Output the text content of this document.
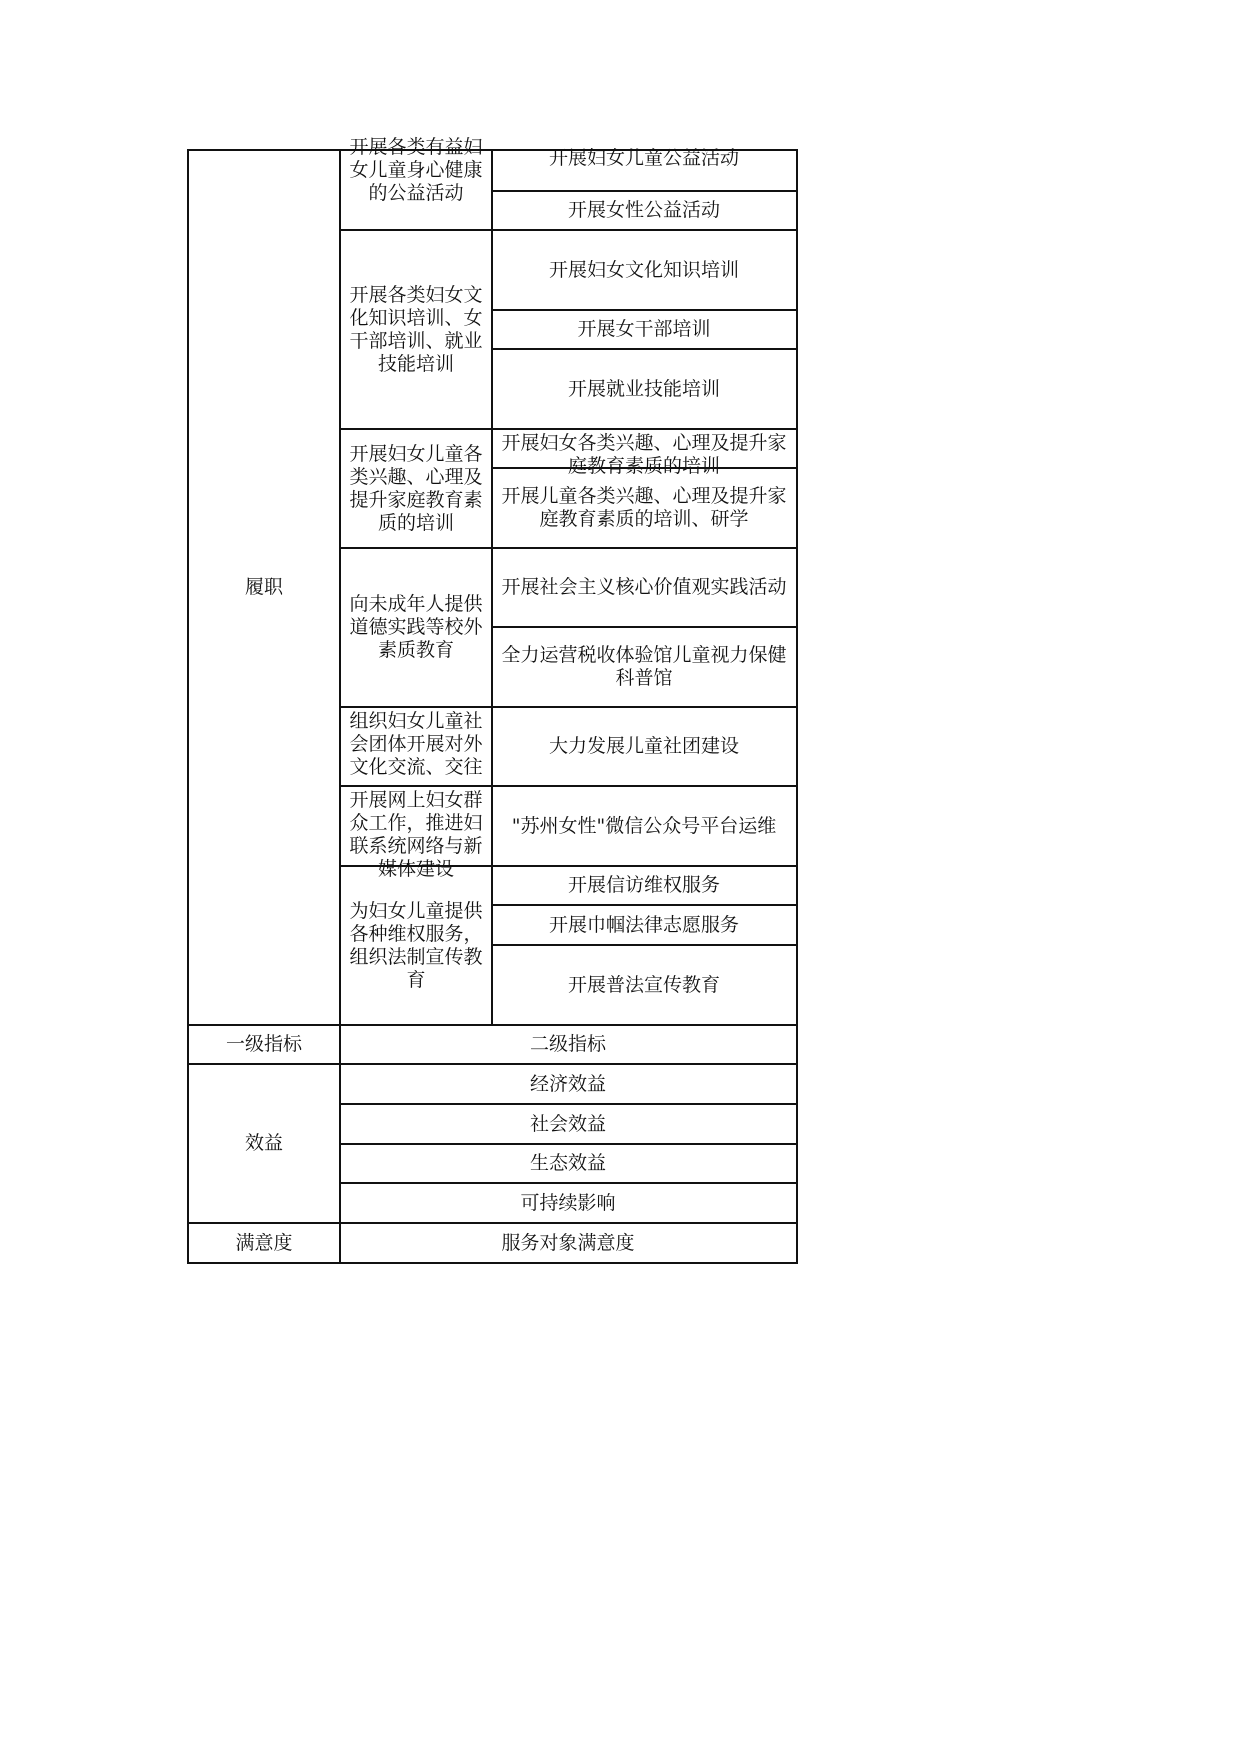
履职
开展各类有益妇女儿童身心健康的公益活动
开展妇女儿童公益活动
开展女性公益活动
开展各类妇女文化知识培训、女干部培训、就业技能培训
开展妇女文化知识培训
开展女干部培训
开展就业技能培训
开展妇女儿童各类兴趣、心理及提升家庭教育素质的培训
开展妇女各类兴趣、心理及提升家庭教育素质的培训
开展儿童各类兴趣、心理及提升家庭教育素质的培训、研学
向未成年人提供道德实践等校外素质教育
开展社会主义核心价值观实践活动
全力运营税收体验馆儿童视力保健科普馆
组织妇女儿童社会团体开展对外文化交流、交往
大力发展儿童社团建设
开展网上妇女群众工作，推进妇联系统网络与新媒体建设
"苏州女性"微信公众号平台运维
为妇女儿童提供各种维权服务，组织法制宣传教育
开展信访维权服务
开展巾帼法律志愿服务
开展普法宣传教育
一级指标	二级指标
效益
经济效益
社会效益
生态效益
可持续影响
满意度	服务对象满意度
